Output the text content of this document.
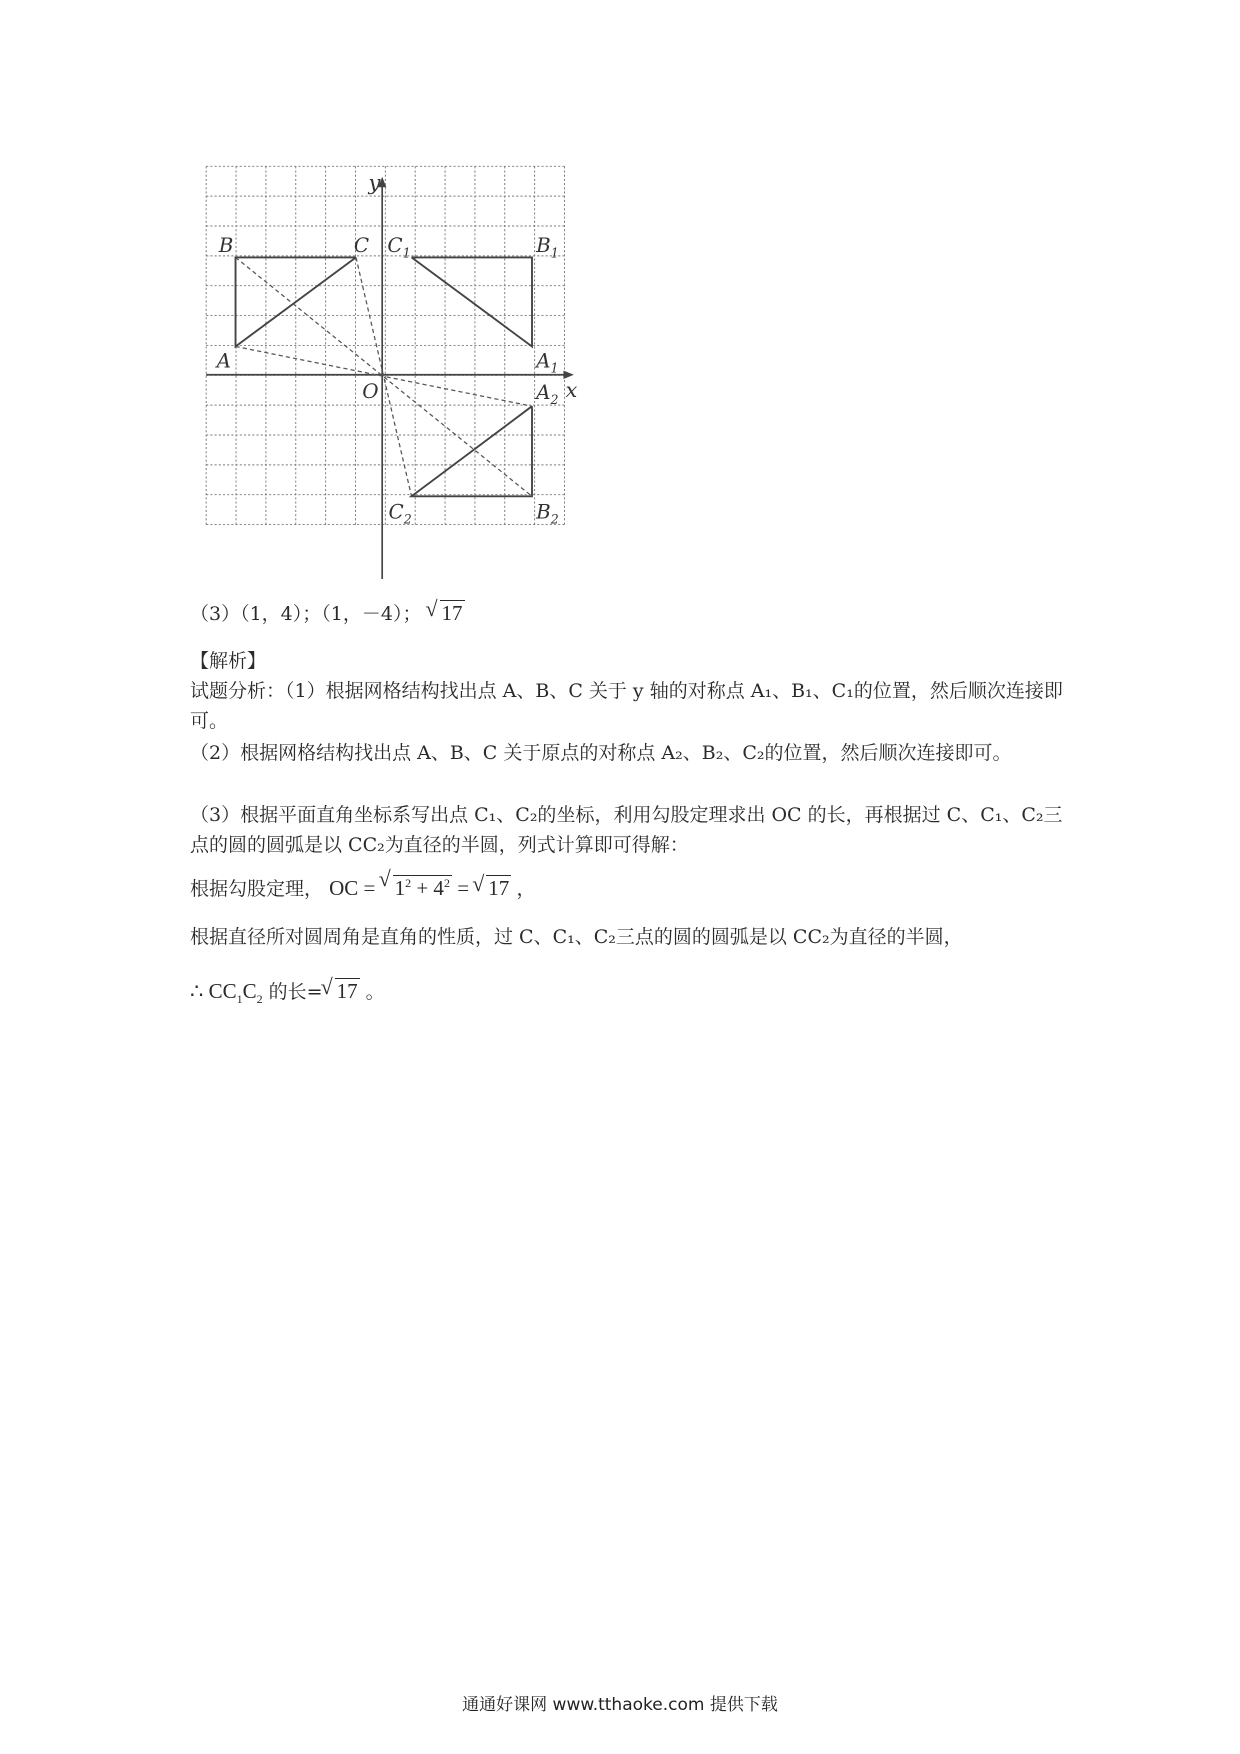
y
x
O
B	C
A
$C_1$	$B_1$
$A_1$
$A_2$
$C_2$	$B_2$
（3）（1，4）；（1，－4）； √ 17
【解析】
试题分析：（1）根据网格结构找出点 A、B、C 关于 y 轴的对称点 A₁、B₁、C₁的位置，然后顺次连接即可。
（2）根据网格结构找出点 A、B、C 关于原点的对称点 A₂、B₂、C₂的位置，然后顺次连接即可。
（3）根据平面直角坐标系写出点 C₁、C₂的坐标，利用勾股定理求出 OC 的长，再根据过 C、C₁、C₂三点的圆的圆弧是以 CC₂为直径的半圆，列式计算即可得解：
根据勾股定理， OC = √ $1^2 + 4^2$ = √ 17 ，
根据直径所对圆周角是直角的性质，过 C、C₁、C₂三点的圆的圆弧是以 CC₂为直径的半圆，
∴ $CC_1C_2$ 的长= √ 17 。
通通好课网 www.tthaoke.com 提供下载
